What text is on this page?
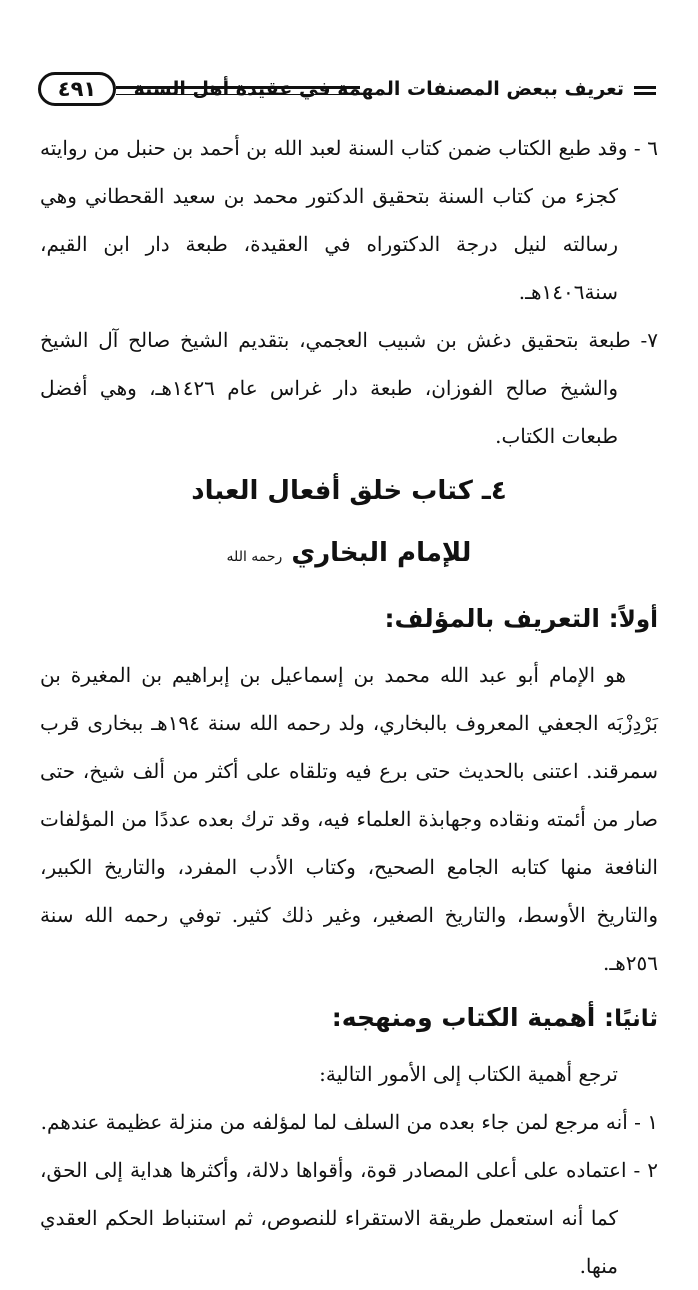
تعريف ببعض المصنفات المهمة في عقيدة أهل السنة
٤٩١

٦ - وقد طبع الكتاب ضمن كتاب السنة لعبد الله بن أحمد بن حنبل من روايته كجزء من كتاب السنة بتحقيق الدكتور محمد بن سعيد القحطاني وهي رسالته لنيل درجة الدكتوراه في العقيدة، طبعة دار ابن القيم، سنة١٤٠٦هـ.

٧- طبعة بتحقيق دغش بن شبيب العجمي، بتقديم الشيخ صالح آل الشيخ والشيخ صالح الفوزان، طبعة دار غراس عام ١٤٢٦هـ، وهي أفضل طبعات الكتاب.

٤ـ كتاب خلق أفعال العباد

للإمام البخاري رحمه الله

أولاً: التعريف بالمؤلف:

هو الإمام أبو عبد الله محمد بن إسماعيل بن إبراهيم بن المغيرة بن بَرْدِزْبَه الجعفي المعروف بالبخاري، ولد رحمه الله سنة ١٩٤هـ ببخارى قرب سمرقند. اعتنى بالحديث حتى برع فيه وتلقاه على أكثر من ألف شيخ، حتى صار من أئمته ونقاده وجهابذة العلماء فيه، وقد ترك بعده عددًا من المؤلفات النافعة منها كتابه الجامع الصحيح، وكتاب الأدب المفرد، والتاريخ الكبير، والتاريخ الأوسط، والتاريخ الصغير، وغير ذلك كثير. توفي رحمه الله سنة ٢٥٦هـ.

ثانيًا: أهمية الكتاب ومنهجه:

ترجع أهمية الكتاب إلى الأمور التالية:

١ - أنه مرجع لمن جاء بعده من السلف لما لمؤلفه من منزلة عظيمة عندهم.

٢ - اعتماده على أعلى المصادر قوة، وأقواها دلالة، وأكثرها هداية إلى الحق، كما أنه استعمل طريقة الاستقراء للنصوص، ثم استنباط الحكم العقدي منها.
